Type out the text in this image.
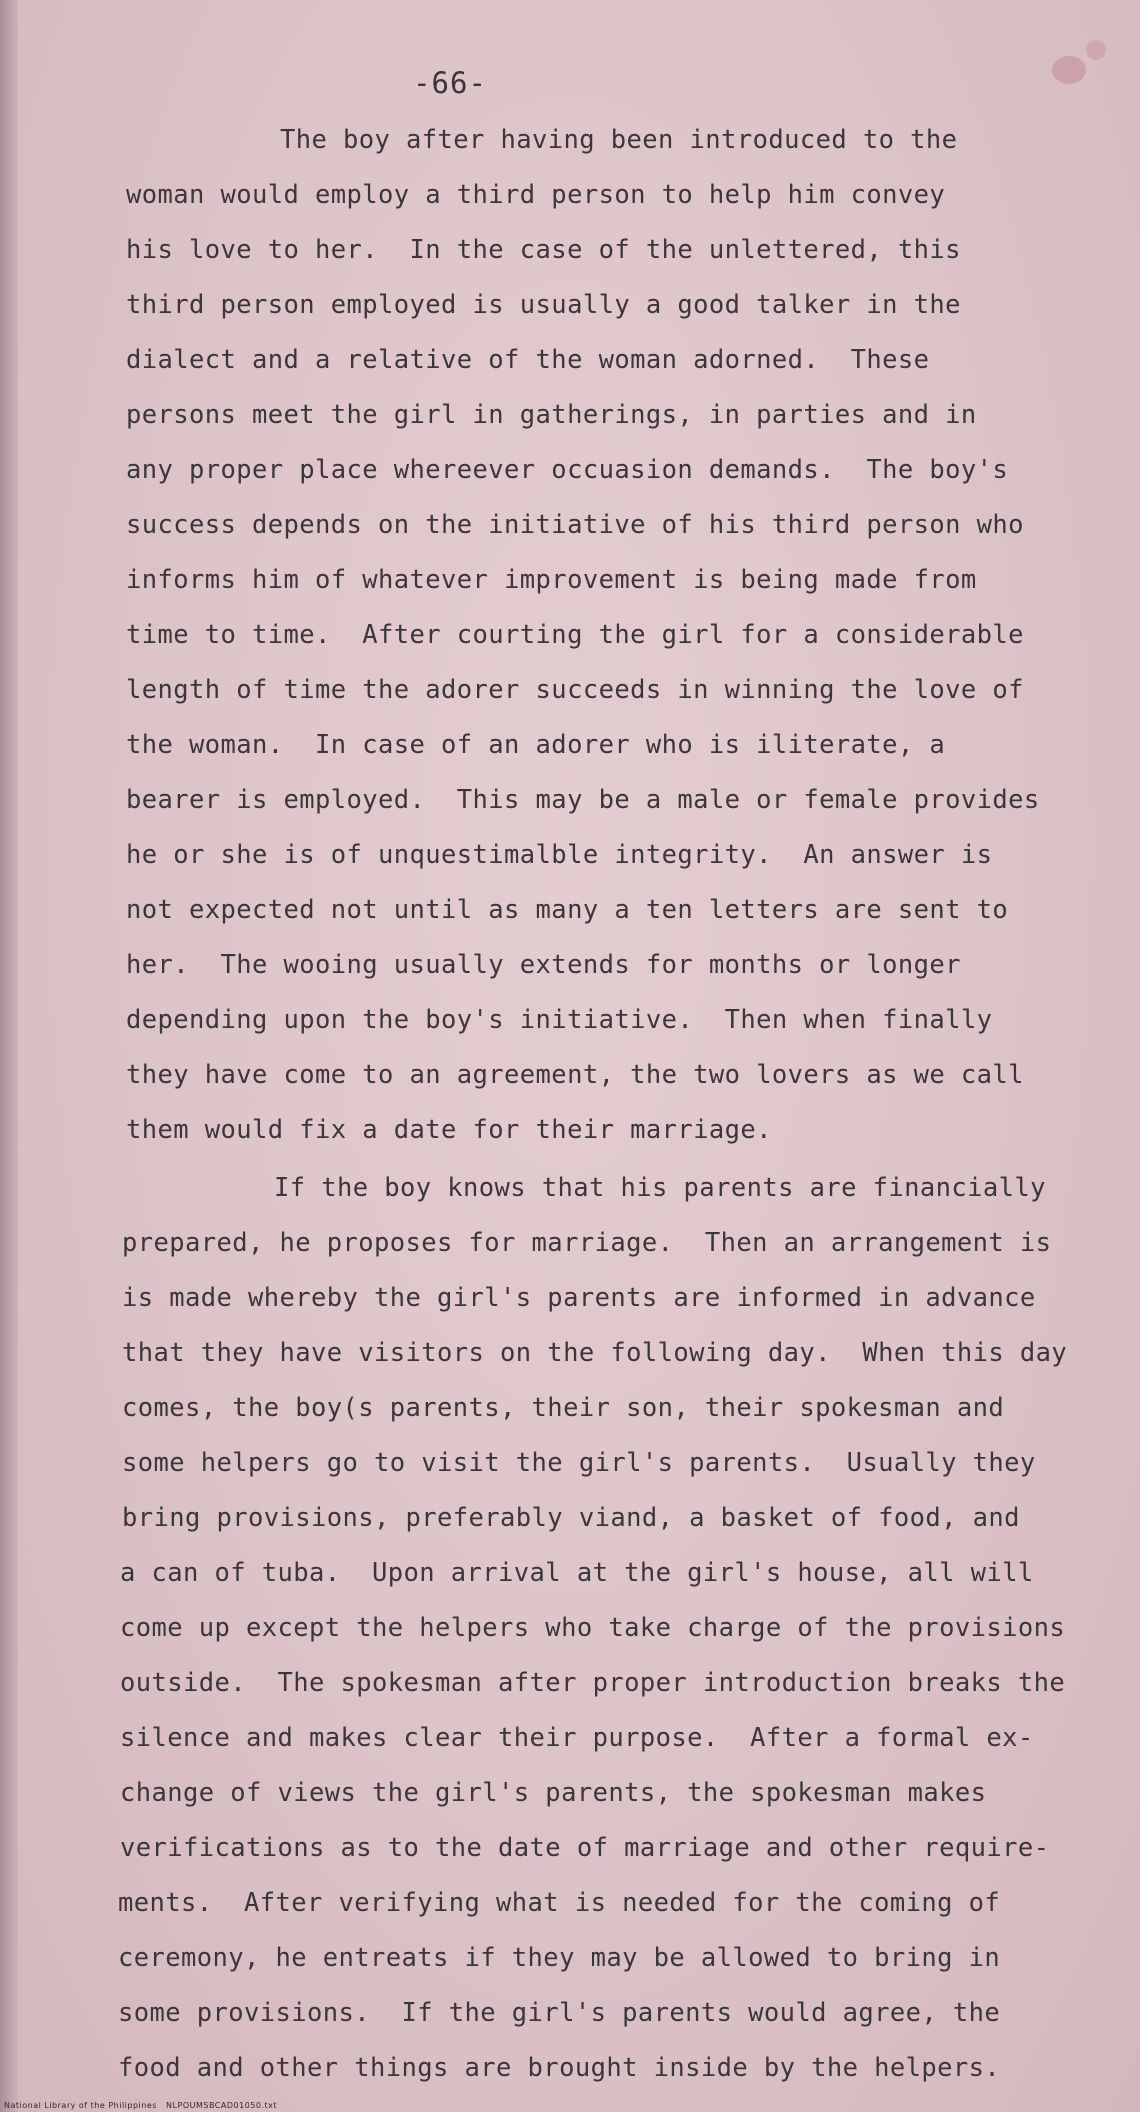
-66-
The boy after having been introduced to the
woman would employ a third person to help him convey
his love to her.  In the case of the unlettered, this
third person employed is usually a good talker in the
dialect and a relative of the woman adorned.  These
persons meet the girl in gatherings, in parties and in
any proper place whereever occuasion demands.  The boy's
success depends on the initiative of his third person who
informs him of whatever improvement is being made from
time to time.  After courting the girl for a considerable
length of time the adorer succeeds in winning the love of
the woman.  In case of an adorer who is iliterate, a
bearer is employed.  This may be a male or female provides
he or she is of unquestimalble integrity.  An answer is
not expected not until as many a ten letters are sent to
her.  The wooing usually extends for months or longer
depending upon the boy's initiative.  Then when finally
they have come to an agreement, the two lovers as we call
them would fix a date for their marriage.
If the boy knows that his parents are financially
prepared, he proposes for marriage.  Then an arrangement is
is made whereby the girl's parents are informed in advance
that they have visitors on the following day.  When this day
comes, the boy(s parents, their son, their spokesman and
some helpers go to visit the girl's parents.  Usually they
bring provisions, preferably viand, a basket of food, and
a can of tuba.  Upon arrival at the girl's house, all will
come up except the helpers who take charge of the provisions
outside.  The spokesman after proper introduction breaks the
silence and makes clear their purpose.  After a formal ex-
change of views the girl's parents, the spokesman makes
verifications as to the date of marriage and other require-
ments.  After verifying what is needed for the coming of
ceremony, he entreats if they may be allowed to bring in
some provisions.  If the girl's parents would agree, the
food and other things are brought inside by the helpers.
National Library of the Philippines   NLPOUMSBCAD01050.txt
